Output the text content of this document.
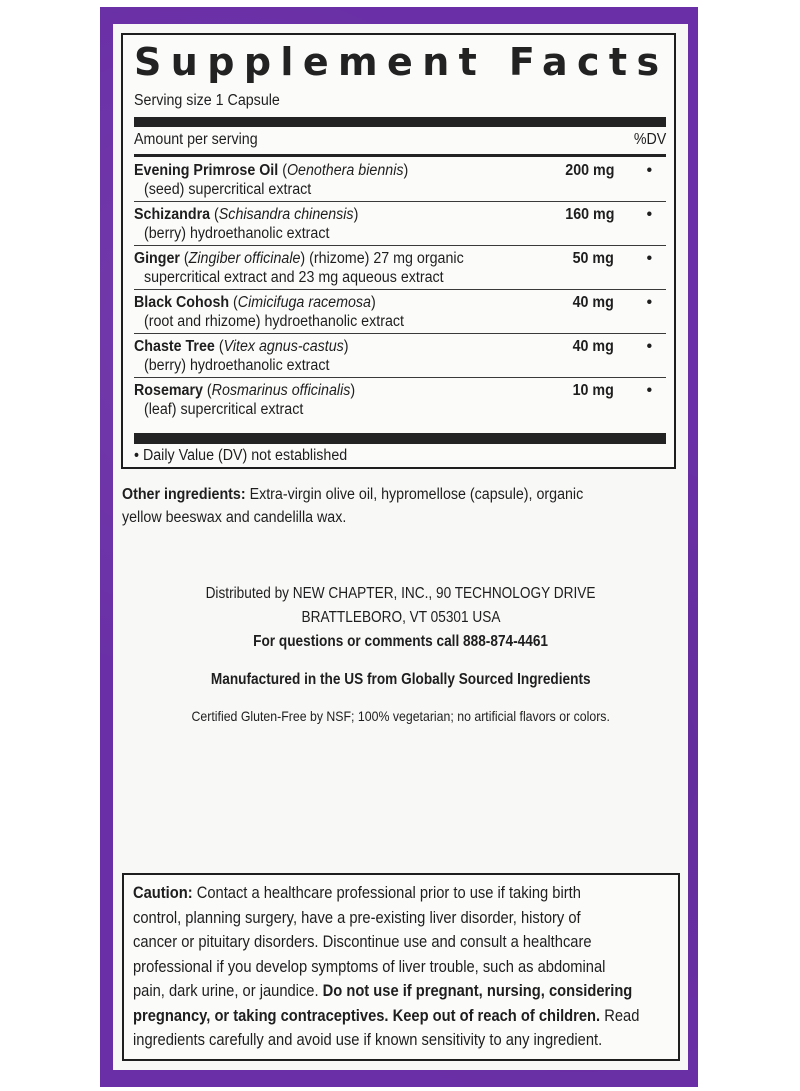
Supplement Facts
Serving size 1 Capsule
Amount per serving	%DV
Evening Primrose Oil (Oenothera biennis)
(seed) supercritical extract
200 mg •
Schizandra (Schisandra chinensis)
(berry) hydroethanolic extract
160 mg •
Ginger (Zingiber officinale) (rhizome) 27 mg organic
supercritical extract and 23 mg aqueous extract
50 mg •
Black Cohosh (Cimicifuga racemosa)
(root and rhizome) hydroethanolic extract
40 mg •
Chaste Tree (Vitex agnus-castus)
(berry) hydroethanolic extract
40 mg •
Rosemary (Rosmarinus officinalis)
(leaf) supercritical extract
10 mg •
• Daily Value (DV) not established
Other ingredients: Extra-virgin olive oil, hypromellose (capsule), organic
yellow beeswax and candelilla wax.
Distributed by NEW CHAPTER, INC., 90 TECHNOLOGY DRIVE
BRATTLEBORO, VT 05301 USA
For questions or comments call 888-874-4461
Manufactured in the US from Globally Sourced Ingredients
Certified Gluten-Free by NSF; 100% vegetarian; no artificial flavors or colors.
Caution: Contact a healthcare professional prior to use if taking birth
control, planning surgery, have a pre-existing liver disorder, history of
cancer or pituitary disorders. Discontinue use and consult a healthcare
professional if you develop symptoms of liver trouble, such as abdominal
pain, dark urine, or jaundice. Do not use if pregnant, nursing, considering
pregnancy, or taking contraceptives. Keep out of reach of children. Read
ingredients carefully and avoid use if known sensitivity to any ingredient.
